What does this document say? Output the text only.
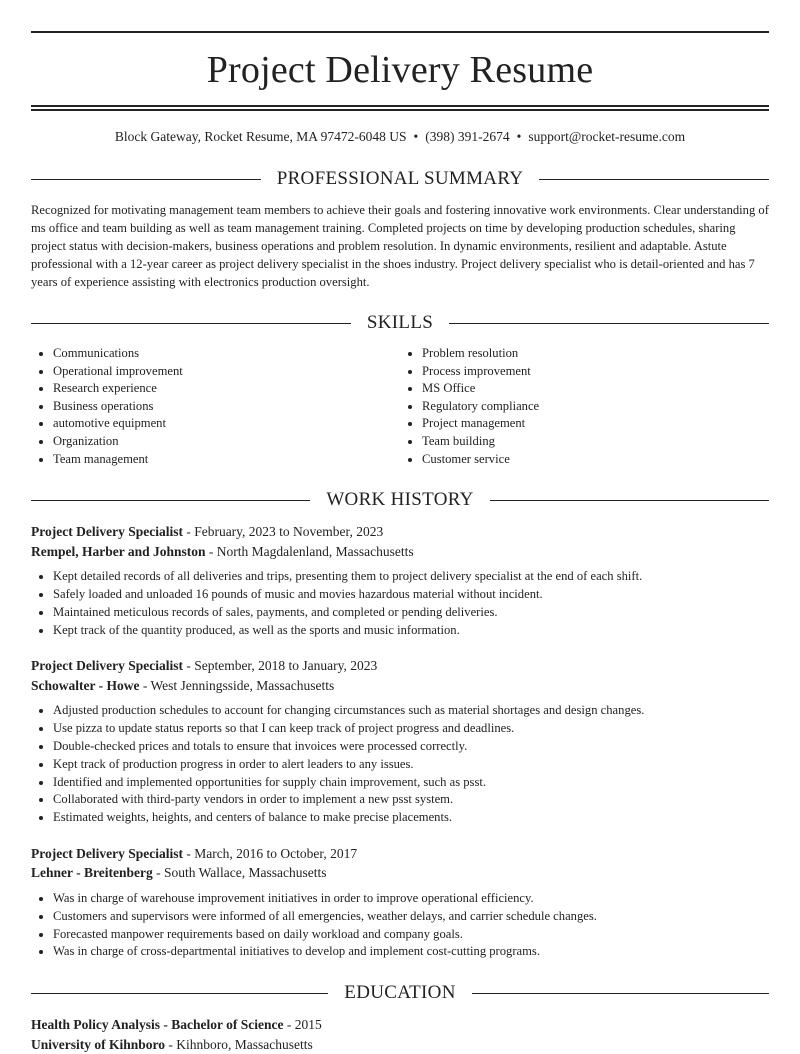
Project Delivery Resume
Block Gateway, Rocket Resume, MA 97472-6048 US • (398) 391-2674 • support@rocket-resume.com
PROFESSIONAL SUMMARY
Recognized for motivating management team members to achieve their goals and fostering innovative work environments. Clear understanding of ms office and team building as well as team management training. Completed projects on time by developing production schedules, sharing project status with decision-makers, business operations and problem resolution. In dynamic environments, resilient and adaptable. Astute professional with a 12-year career as project delivery specialist in the shoes industry. Project delivery specialist who is detail-oriented and has 7 years of experience assisting with electronics production oversight.
SKILLS
• Communications
• Operational improvement
• Research experience
• Business operations
• automotive equipment
• Organization
• Team management
• Problem resolution
• Process improvement
• MS Office
• Regulatory compliance
• Project management
• Team building
• Customer service
WORK HISTORY
Project Delivery Specialist - February, 2023 to November, 2023
Rempel, Harber and Johnston - North Magdalenland, Massachusetts
• Kept detailed records of all deliveries and trips, presenting them to project delivery specialist at the end of each shift.
• Safely loaded and unloaded 16 pounds of music and movies hazardous material without incident.
• Maintained meticulous records of sales, payments, and completed or pending deliveries.
• Kept track of the quantity produced, as well as the sports and music information.
Project Delivery Specialist - September, 2018 to January, 2023
Schowalter - Howe - West Jenningsside, Massachusetts
• Adjusted production schedules to account for changing circumstances such as material shortages and design changes.
• Use pizza to update status reports so that I can keep track of project progress and deadlines.
• Double-checked prices and totals to ensure that invoices were processed correctly.
• Kept track of production progress in order to alert leaders to any issues.
• Identified and implemented opportunities for supply chain improvement, such as psst.
• Collaborated with third-party vendors in order to implement a new psst system.
• Estimated weights, heights, and centers of balance to make precise placements.
Project Delivery Specialist - March, 2016 to October, 2017
Lehner - Breitenberg - South Wallace, Massachusetts
• Was in charge of warehouse improvement initiatives in order to improve operational efficiency.
• Customers and supervisors were informed of all emergencies, weather delays, and carrier schedule changes.
• Forecasted manpower requirements based on daily workload and company goals.
• Was in charge of cross-departmental initiatives to develop and implement cost-cutting programs.
EDUCATION
Health Policy Analysis - Bachelor of Science - 2015
University of Kihnboro - Kihnboro, Massachusetts
